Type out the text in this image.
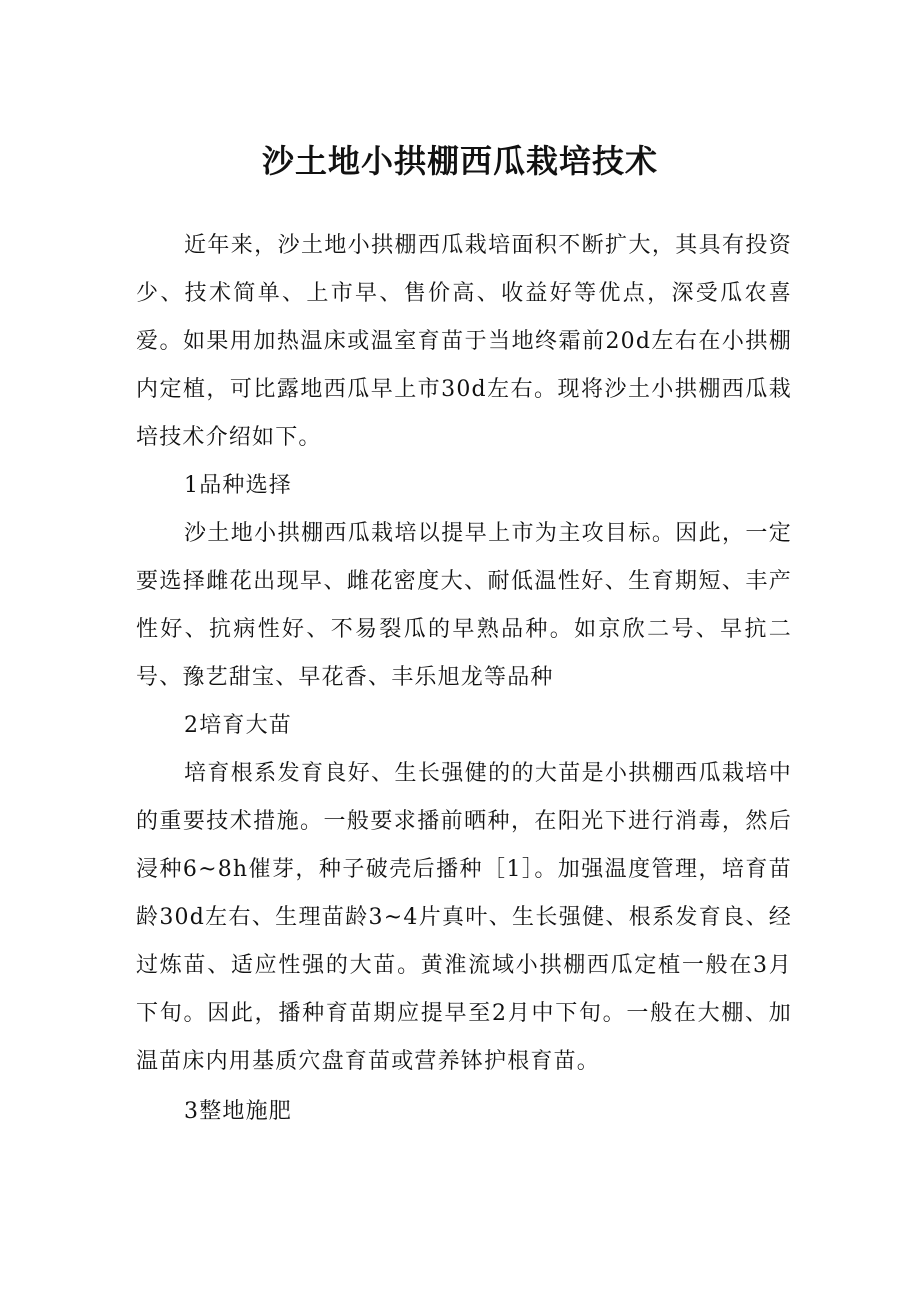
沙土地小拱棚西瓜栽培技术

近年来，沙土地小拱棚西瓜栽培面积不断扩大，其具有投资少、技术简单、上市早、售价高、收益好等优点，深受瓜农喜爱。如果用加热温床或温室育苗于当地终霜前20d左右在小拱棚内定植，可比露地西瓜早上市30d左右。现将沙土小拱棚西瓜栽培技术介绍如下。

1品种选择

沙土地小拱棚西瓜栽培以提早上市为主攻目标。因此，一定要选择雌花出现早、雌花密度大、耐低温性好、生育期短、丰产性好、抗病性好、不易裂瓜的早熟品种。如京欣二号、早抗二号、豫艺甜宝、早花香、丰乐旭龙等品种

2培育大苗

培育根系发育良好、生长强健的的大苗是小拱棚西瓜栽培中的重要技术措施。一般要求播前晒种，在阳光下进行消毒，然后浸种6~8h催芽，种子破壳后播种［1］。加强温度管理，培育苗龄30d左右、生理苗龄3~4片真叶、生长强健、根系发育良、经过炼苗、适应性强的大苗。黄淮流域小拱棚西瓜定植一般在3月下旬。因此，播种育苗期应提早至2月中下旬。一般在大棚、加温苗床内用基质穴盘育苗或营养钵护根育苗。

3整地施肥
